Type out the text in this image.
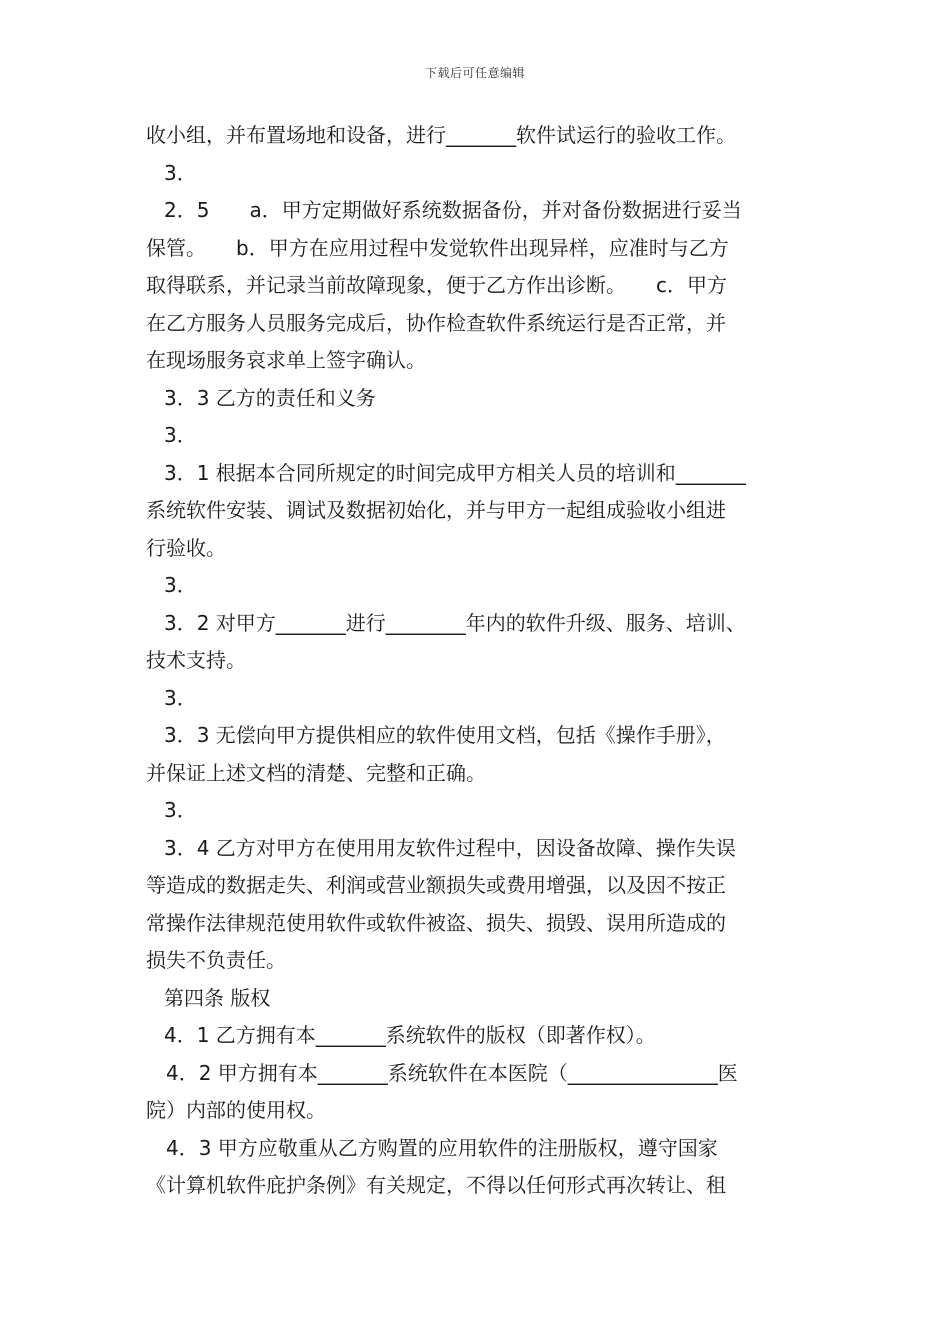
下载后可任意编辑
收小组，并布置场地和设备，进行_______软件试运行的验收工作。
3．
2．5　　a．甲方定期做好系统数据备份，并对备份数据进行妥当
保管。　　b．甲方在应用过程中发觉软件出现异样，应准时与乙方
取得联系，并记录当前故障现象，便于乙方作出诊断。　　c．甲方
在乙方服务人员服务完成后，协作检查软件系统运行是否正常，并
在现场服务哀求单上签字确认。
3．3 乙方的责任和义务
3．
3．1 根据本合同所规定的时间完成甲方相关人员的培训和_______
系统软件安装、调试及数据初始化，并与甲方一起组成验收小组进
行验收。
3．
3．2 对甲方_______进行________年内的软件升级、服务、培训、
技术支持。
3．
3．3 无偿向甲方提供相应的软件使用文档，包括《操作手册》，
并保证上述文档的清楚、完整和正确。
3．
3．4 乙方对甲方在使用用友软件过程中，因设备故障、操作失误
等造成的数据走失、利润或营业额损失或费用增强，以及因不按正
常操作法律规范使用软件或软件被盗、损失、损毁、误用所造成的
损失不负责任。
第四条 版权
4．1 乙方拥有本_______系统软件的版权（即著作权）。
4．2 甲方拥有本_______系统软件在本医院（_______________医
院）内部的使用权。
4．3 甲方应敬重从乙方购置的应用软件的注册版权，遵守国家
《计算机软件庇护条例》有关规定，不得以任何形式再次转让、租
